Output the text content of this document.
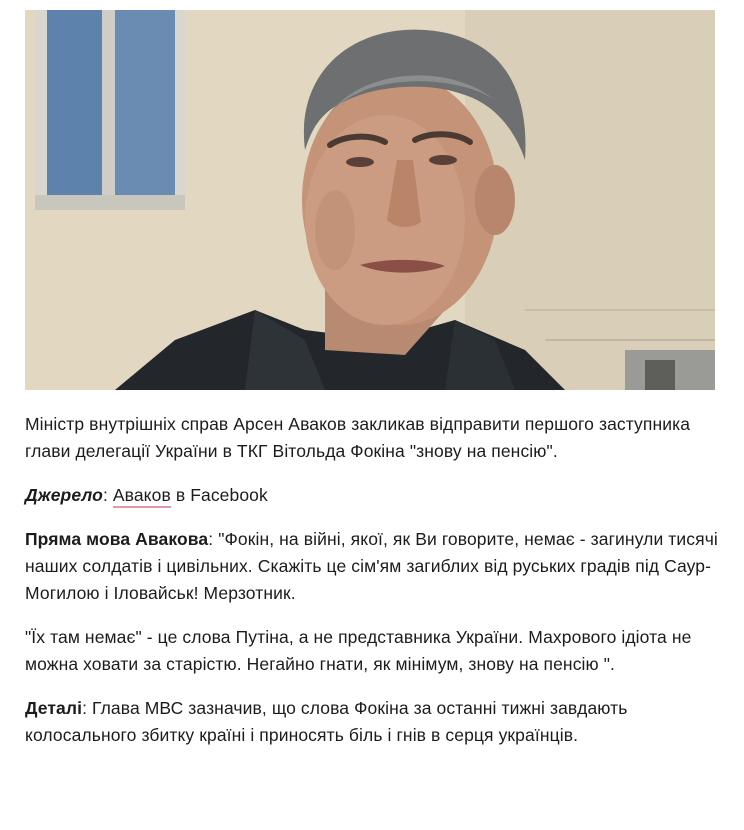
Міністр внутрішніх справ Арсен Аваков закликав відправити першого заступника глави делегації України в ТКГ Вітольда Фокіна "знову на пенсію".

Джерело: Аваков в Facebook

Пряма мова Авакова: "Фокін, на війні, якої, як Ви говорите, немає - загинули тисячі наших солдатів і цивільних. Скажіть це сім'ям загиблих від руських градів під Саур-Могилою і Іловайськ! Мерзотник.

"Їх там немає" - це слова Путіна, а не представника України. Махрового ідіота не можна ховати за старістю. Негайно гнати, як мінімум, знову на пенсію ".

Деталі: Глава МВС зазначив, що слова Фокіна за останні тижні завдають колосального збитку країні і приносять біль і гнів в серця українців.
